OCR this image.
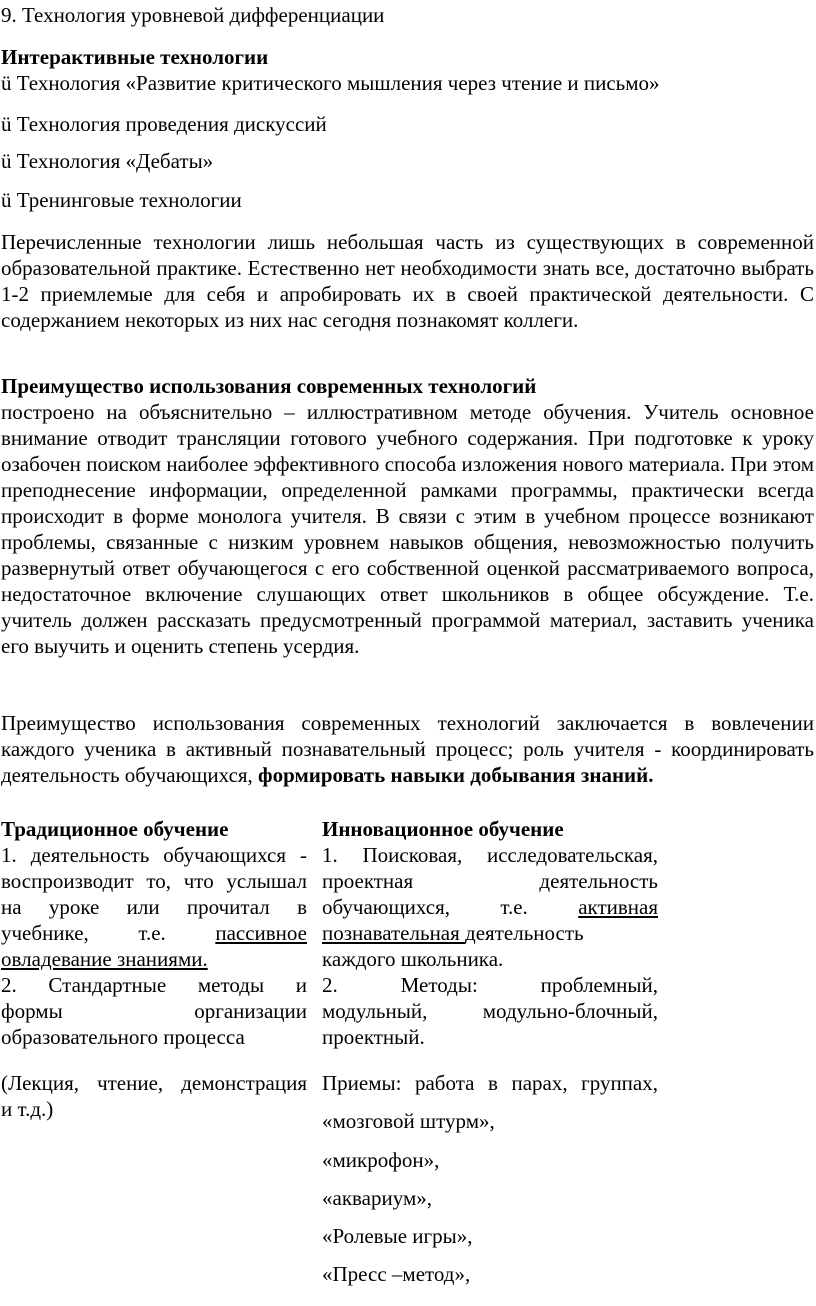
9. Технология уровневой дифференциации

Интерактивные технологии

ü Технология «Развитие критического мышления через чтение и письмо»

ü Технология проведения дискуссий

ü Технология «Дебаты»

ü Тренинговые технологии

Перечисленные технологии лишь небольшая часть из существующих в современной образовательной практике. Естественно нет необходимости знать все, достаточно выбрать 1-2 приемлемые для себя и апробировать их в своей практической деятельности. С содержанием некоторых из них нас сегодня познакомят коллеги.

Преимущество использования современных технологий

построено на объяснительно – иллюстративном методе обучения. Учитель основное внимание отводит трансляции готового учебного содержания. При подготовке к уроку озабочен поиском наиболее эффективного способа изложения нового материала. При этом преподнесение информации, определенной рамками программы, практически всегда происходит в форме монолога учителя. В связи с этим в учебном процессе возникают проблемы, связанные с низким уровнем навыков общения, невозможностью получить развернутый ответ обучающегося с его собственной оценкой рассматриваемого вопроса, недостаточное включение слушающих ответ школьников в общее обсуждение. Т.е. учитель должен рассказать предусмотренный программой материал, заставить ученика его выучить и оценить степень усердия.

Преимущество использования современных технологий заключается в вовлечении каждого ученика в активный познавательный процесс; роль учителя - координировать деятельность обучающихся, формировать навыки добывания знаний.

Традиционное обучение	Инновационное обучение
1. деятельность обучающихся -
воспроизводит то, что услышал
на уроке или прочитал в
учебнике, т.е. пассивное
овладевание знаниями.
2. Стандартные методы и
формы организации
образовательного процесса
(Лекция, чтение, демонстрация
и т.д.)
1. Поисковая, исследовательская,
проектная деятельность
обучающихся, т.е. активная
познавательная деятельность
каждого школьника.
2. Методы: проблемный,
модульный, модульно-блочный,
проектный.
Приемы: работа в парах, группах,
«мозговой штурм»,
«микрофон»,
«аквариум»,
«Ролевые игры»,
«Пресс –метод»,
